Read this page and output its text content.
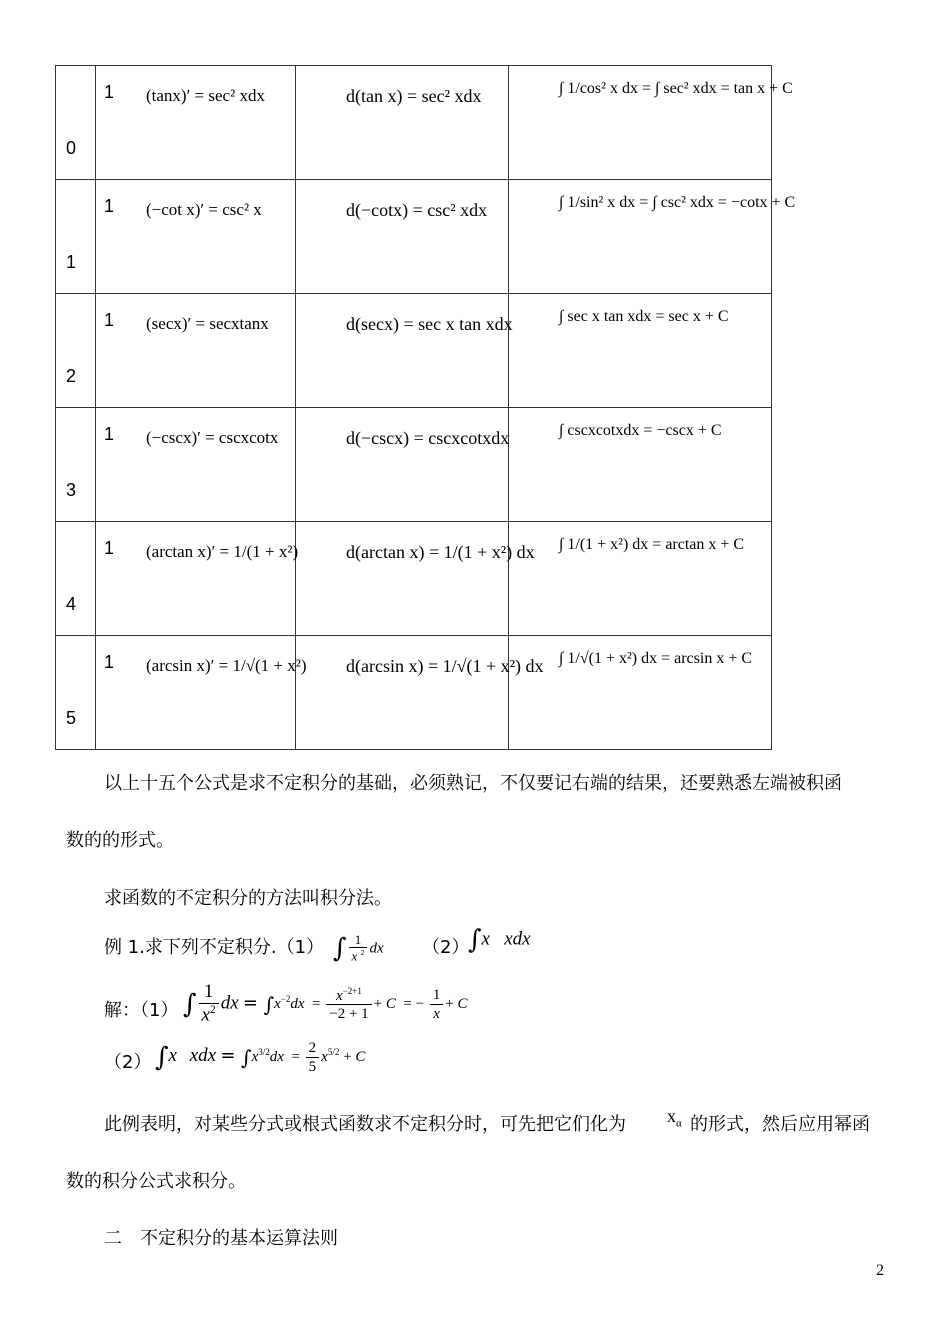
0	1 (tanx)′ = sec² xdx	d(tan x) = sec² xdx	∫ 1/cos² x dx = ∫ sec² xdx = tan x + C

1	1 (−cot x)′ = csc² x	d(−cotx) = csc² xdx	∫ 1/sin² x dx = ∫ csc² xdx = −cotx + C

2	1 (secx)′ = secxtanx	d(secx) = sec x tan xdx	∫ sec x tan xdx = sec x + C

3	1 (−cscx)′ = cscxcotx	d(−cscx) = cscxcotxdx	∫ cscxcotxdx = −cscx + C

4	1 (arctan x)′ = 1/(1 + x²)	d(arctan x) = 1/(1 + x²) dx	∫ 1/(1 + x²) dx = arctan x + C

5	1 (arcsin x)′ = 1/√(1 + x²)	d(arcsin x) = 1/√(1 + x²) dx	∫ 1/√(1 + x²) dx = arcsin x + C
以上十五个公式是求不定积分的基础，必须熟记，不仅要记右端的结果，还要熟悉左端被积函
数的的形式。
求函数的不定积分的方法叫积分法。
例 1.求下列不定积分.（1） ∫ $\frac{1}{x ^2}$ dx （2）
∫x xdx
解：（1） ∫ $\frac{1}{x^2}$ dx = $\int x^{-2}dx = \frac{x^{-2+1}}{-2 + 1} + C$  = − $\frac{1}{x} + C$
（2） ∫x xdx = $\int x^{3/2}dx = \frac{2}{5} x^{5/2} + C$
此例表明，对某些分式或根式函数求不定积分时，可先把它们化为 $x_\alpha$ 的形式，然后应用幂函
数的积分公式求积分。
二　不定积分的基本运算法则
2
